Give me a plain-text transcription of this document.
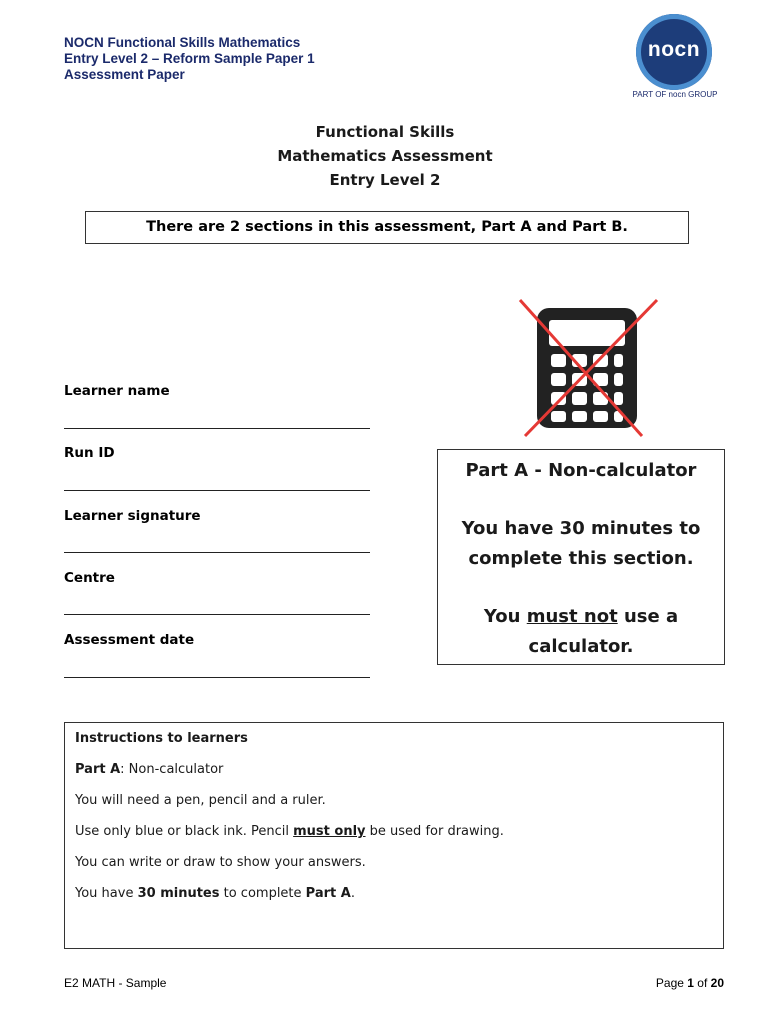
NOCN Functional Skills Mathematics
Entry Level 2 – Reform Sample Paper 1
Assessment Paper
nocn
PART OF nocn GROUP
Functional Skills
Mathematics Assessment
Entry Level 2
There are 2 sections in this assessment, Part A and Part B.
Learner name
Run ID
Learner signature
Centre
Assessment date
Part A - Non-calculator
You have 30 minutes to
complete this section.
You must not use a
calculator.

Instructions to learners

Part A: Non-calculator

You will need a pen, pencil and a ruler.

Use only blue or black ink. Pencil must only be used for drawing.

You can write or draw to show your answers.

You have 30 minutes to complete Part A.

E2 MATH - Sample	Page 1 of 20
